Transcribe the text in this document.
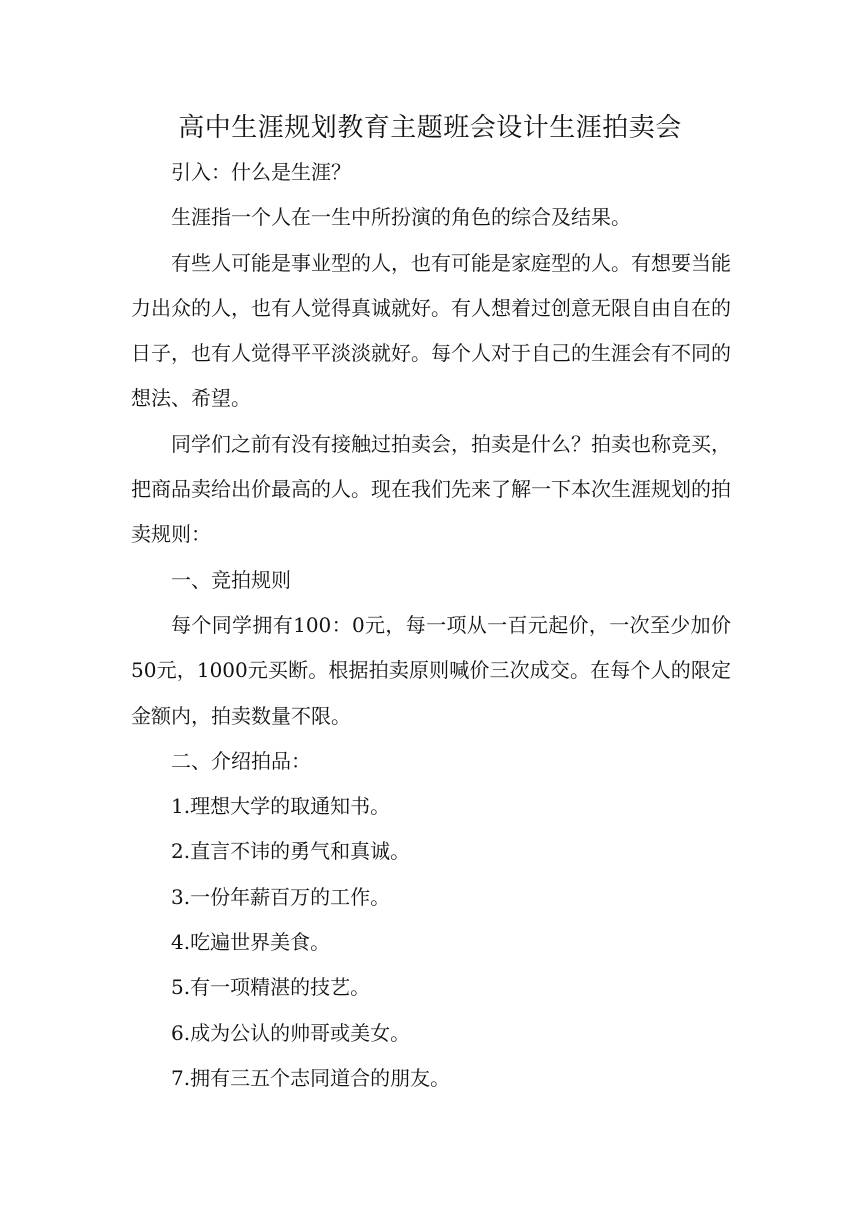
高中生涯规划教育主题班会设计生涯拍卖会

引入：什么是生涯？

生涯指一个人在一生中所扮演的角色的综合及结果。

有些人可能是事业型的人，也有可能是家庭型的人。有想要当能力出众的人，也有人觉得真诚就好。有人想着过创意无限自由自在的日子，也有人觉得平平淡淡就好。每个人对于自己的生涯会有不同的想法、希望。

同学们之前有没有接触过拍卖会，拍卖是什么？拍卖也称竞买，把商品卖给出价最高的人。现在我们先来了解一下本次生涯规划的拍卖规则：

一、竞拍规则

每个同学拥有100：0元，每一项从一百元起价，一次至少加价50元，1000元买断。根据拍卖原则喊价三次成交。在每个人的限定金额内，拍卖数量不限。

二、介绍拍品：

1.理想大学的取通知书。

2.直言不讳的勇气和真诚。

3.一份年薪百万的工作。

4.吃遍世界美食。

5.有一项精湛的技艺。

6.成为公认的帅哥或美女。

7.拥有三五个志同道合的朋友。
